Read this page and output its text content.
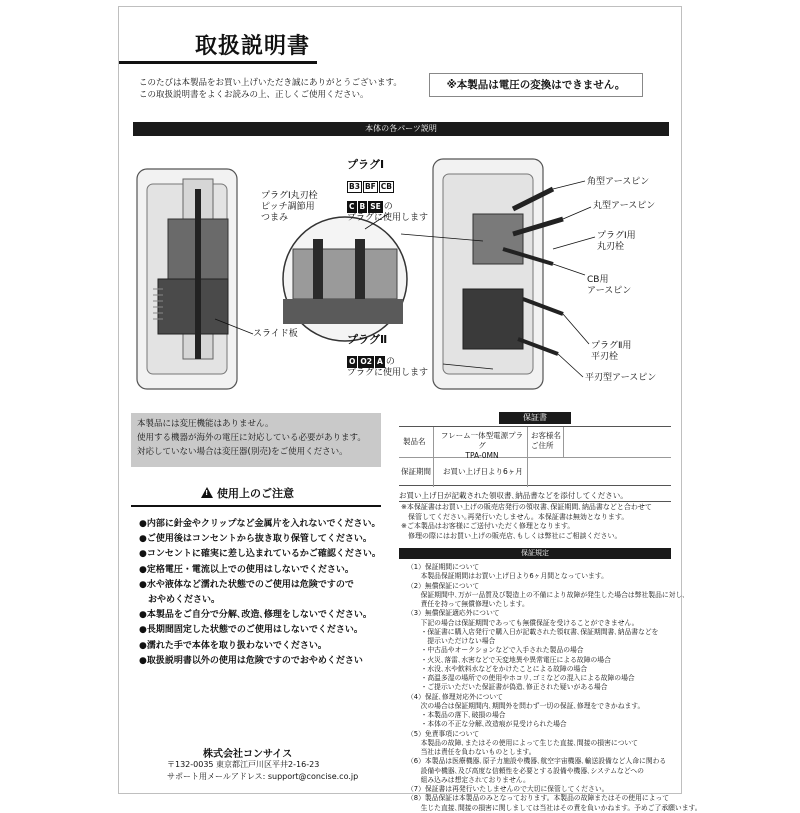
取扱説明書
このたびは本製品をお買い上げいただき誠にありがとうございます。
この取扱説明書をよくお読みの上、正しくご使用ください。
※本製品は電圧の変換はできません。
本体の各パーツ説明
プラグⅠ
B3 BF CB
C B SE の
プラグに使用します
プラグⅡ
O O2 A の
プラグに使用します
プラグⅠ丸刃栓
ピッチ調節用
つまみ
スライド板
角型アースピン
丸型アースピン
プラグⅠ用
丸刃栓
CB用
アースピン
プラグⅡ用
平刃栓
平刃型アースピン
本製品には変圧機能はありません。
使用する機器が海外の電圧に対応している必要があります。
対応していない場合は変圧器(別売)をご使用ください。
! 使用上のご注意
●内部に針金やクリップなど金属片を入れないでください。
●ご使用後はコンセントから抜き取り保管してください。
●コンセントに確実に差し込まれているかご確認ください。
●定格電圧・電流以上での使用はしないでください。
●水や液体など濡れた状態でのご使用は危険ですので
　おやめください。
●本製品をご自分で分解､改造､修理をしないでください。
●長期間固定した状態でのご使用はしないでください。
●濡れた手で本体を取り扱わないでください。
●取扱説明書以外の使用は危険ですのでおやめください
株式会社コンサイス
〒132-0035 東京都江戸川区平井2-16-23
サポート用メールアドレス: support@concise.co.jp
保証書
製品名
フレーム一体型電源プラグ
TPA-0MN
お客様名
ご住所
保証期間 お買い上げ日より6ヶ月
お買い上げ日が記載された領収書､納品書などを添付してください。
※本保証書はお買い上げの販売店発行の領収書､保証期間､納品書などと合わせて
　保管してください｡再発行いたしません。本保証書は無効となります。
※ご本製品はお客様にご送付いただく修理となります。
　修理の際にはお買い上げの販売店､もしくは弊社にご相談ください。
保証規定
（1）保証期間について
　　本製品保証期間はお買い上げ日より6ヶ月間となっています。
（2）無償保証について
　　保証期間中､万が一品質及び製造上の不備により故障が発生した場合は弊社製品に対し､
　　責任を持って無償修理いたします。
（3）無償保証適応外について
　　下記の場合は保証期間であっても無償保証を受けることができません。
　　・保証書に購入店発行で購入日が記載された領収書､保証期間書､納品書などを
　　　提示いただけない場合
　　・中古品やオークションなどで入手された製品の場合
　　・火災､落雷､水害などで天変地異や異常電圧による故障の場合
　　・水没､水や飲料水などをかけたことによる故障の場合
　　・高温多湿の場所での使用やホコリ､ゴミなどの混入による故障の場合
　　・ご提示いただいた保証書が偽造､修正された疑いがある場合
（4）保証､修理対応外について
　　次の場合は保証期間内､期間外を問わず一切の保証､修理をできかねます。
　　・本製品の落下､破損の場合
　　・本体の不正な分解､改造痕が見受けられた場合
（5）免責事項について
　　本製品の故障､またはその使用によって生じた直接､間接の損害について
　　当社は責任を負わないものとします。
（6）本製品は医療機器､原子力施設や機器､航空宇宙機器､輸送設備など人命に関わる
　　設備や機器､及び高度な信頼性を必要とする設備や機器､システムなどへの
　　組み込みは想定されておりません。
（7）保証書は再発行いたしませんので大切に保管してください。
（8）製品保証は本製品のみとなっております。本製品の故障またはその使用によって
　　生じた直接､間接の損害に関しましては当社はその責を負いかねます。予めご了承願います。
